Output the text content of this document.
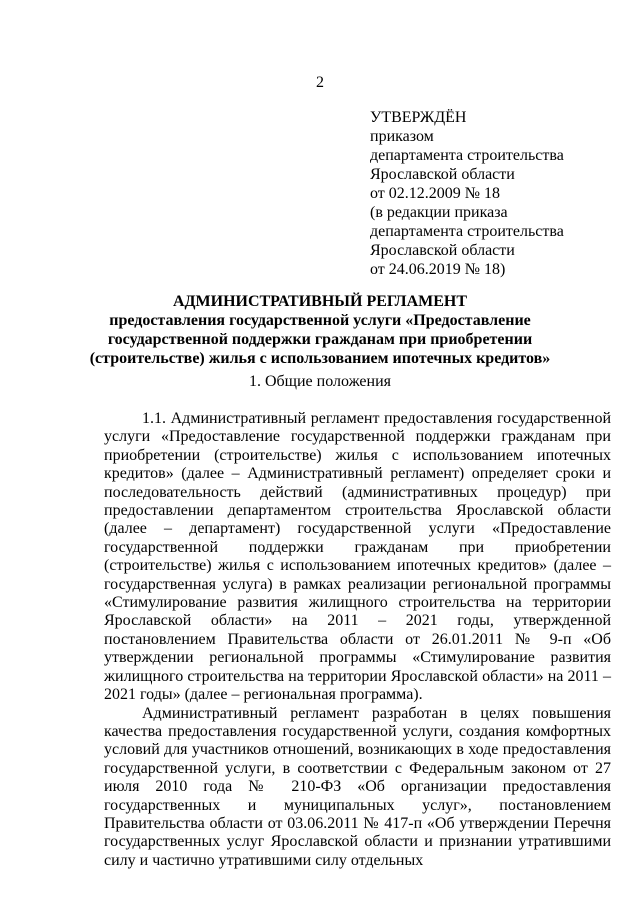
2
УТВЕРЖДЁН
приказом
департамента строительства
Ярославской области
от 02.12.2009 № 18
(в редакции приказа
департамента строительства
Ярославской области
от 24.06.2019 № 18)
АДМИНИСТРАТИВНЫЙ РЕГЛАМЕНТ
предоставления государственной услуги «Предоставление
государственной поддержки гражданам при приобретении
(строительстве) жилья с использованием ипотечных кредитов»
1. Общие положения

1.1. Административный регламент предоставления государственной услуги «Предоставление государственной поддержки гражданам при приобретении (строительстве) жилья с использованием ипотечных кредитов» (далее – Административный регламент) определяет сроки и последовательность действий (административных процедур) при предоставлении департаментом строительства Ярославской области (далее – департамент) государственной услуги «Предоставление государственной поддержки гражданам при приобретении (строительстве) жилья с использованием ипотечных кредитов» (далее – государственная услуга) в рамках реализации региональной программы «Стимулирование развития жилищного строительства на территории Ярославской области» на 2011 – 2021 годы, утвержденной постановлением Правительства области от 26.01.2011 № 9-п «Об утверждении региональной программы «Стимулирование развития жилищного строительства на территории Ярославской области» на 2011 – 2021 годы» (далее – региональная программа).

Административный регламент разработан в целях повышения качества предоставления государственной услуги, создания комфортных условий для участников отношений, возникающих в ходе предоставления государственной услуги, в соответствии с Федеральным законом от 27 июля 2010 года № 210-ФЗ «Об организации предоставления государственных и муниципальных услуг», постановлением Правительства области от 03.06.2011 № 417-п «Об утверждении Перечня государственных услуг Ярославской области и признании утратившими силу и частично утратившими силу отдельных
